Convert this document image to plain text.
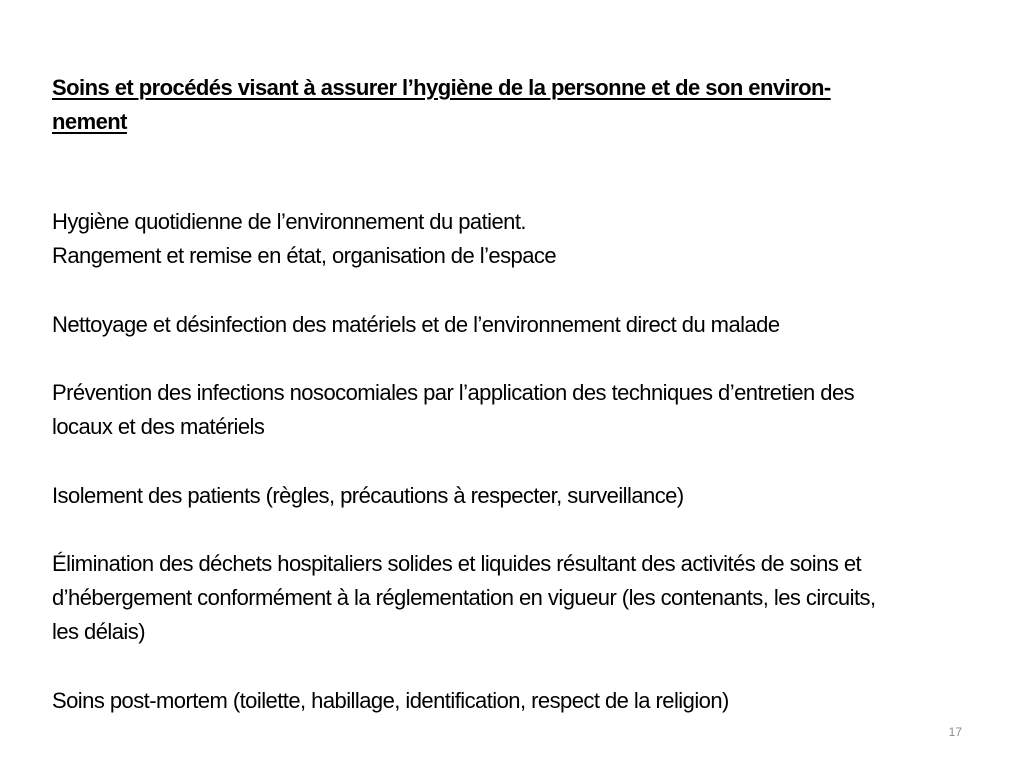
Soins et procédés visant à assurer l’hygiène de la personne et de son environ-
nement

Hygiène quotidienne de l’environnement du patient.
Rangement et remise en état, organisation de l’espace

Nettoyage et désinfection des matériels et de l’environnement direct du malade

Prévention des infections nosocomiales par l’application des techniques d’entretien des
locaux et des matériels

Isolement des patients (règles, précautions à respecter, surveillance)

Élimination des déchets hospitaliers solides et liquides résultant des activités de soins et
d’hébergement conformément à la réglementation en vigueur (les contenants, les circuits,
les délais)

Soins post-mortem (toilette, habillage, identification, respect de la religion)

17
